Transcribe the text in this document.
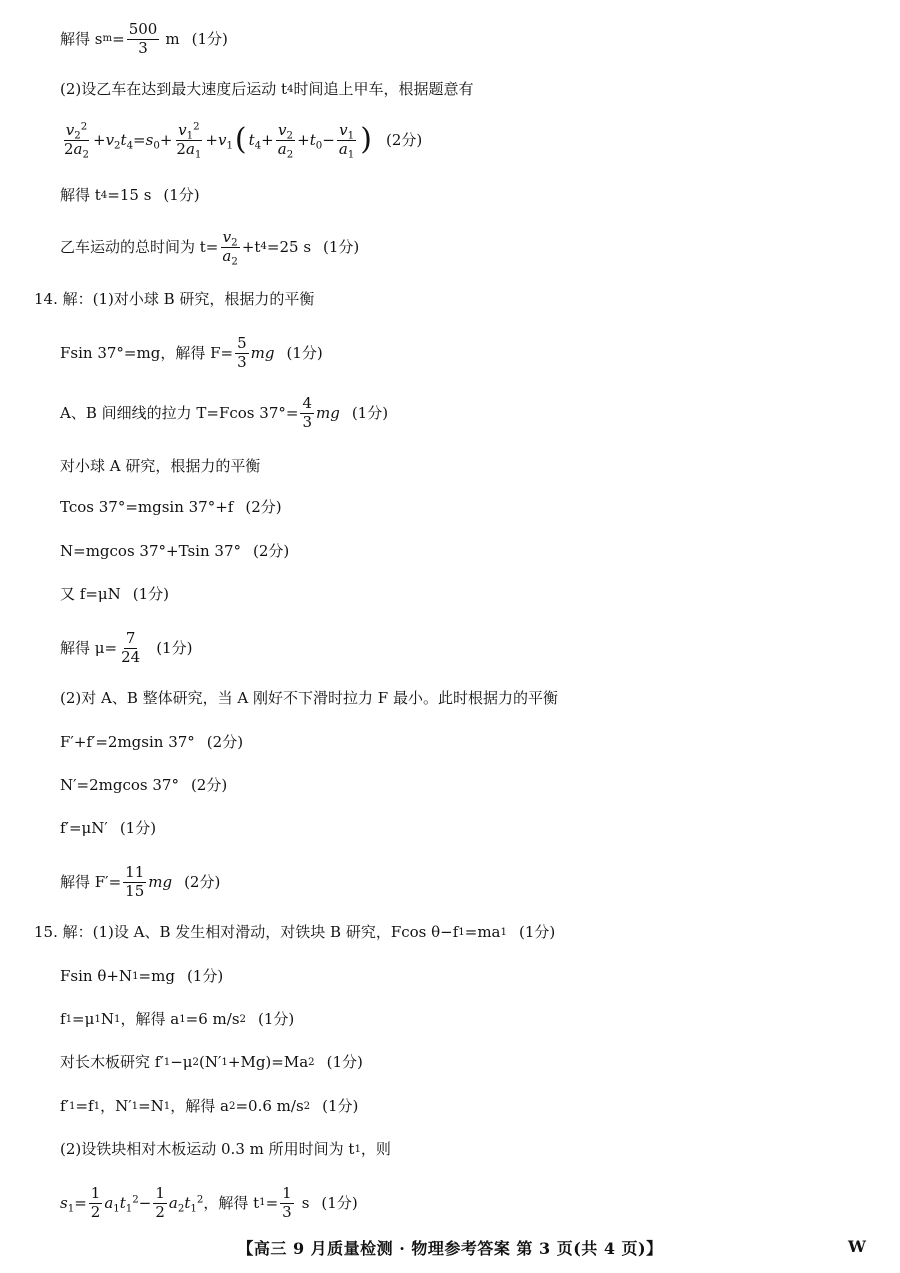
解得 s $m = \frac{500}{3}$ m (1分)
(2)设乙车在达到最大速度后运动 t 4 时间追上甲车，根据题意有
$\frac{v_2^2}{2a_2} +v_2t_4=s_0+ \frac{v_1^2}{2a_1} +v_1$ ( $t_4+ \frac{v_2}{a_2} +t_0- \frac{v_1}{a_1}$ ) (2分)
解得 t 4 =15 s (1分)
乙车运动的总时间为 $t= \frac{v_2}{a_2} +t$ 4 =25 s (1分)
14. 解：(1)对小球 B 研究，根据力的平衡
Fsin 37°=mg，解得 $F= \frac{5}{3}$ mg (1分)
A、B 间细线的拉力 T=Fcos $37^\circ= \frac{4}{3}$ mg (1分)
对小球 A 研究，根据力的平衡
Tcos 37°=mgsin 37°+f (2分)
N=mgcos 37°+Tsin 37° (2分)
又 f=μN (1分)
解得 $\mu= \frac{7}{24} (1$分)
(2)对 A、B 整体研究，当 A 刚好不下滑时拉力 F 最小。此时根据力的平衡
F′+f′=2mgsin 37° (2分)
N′=2mgcos 37° (2分)
f′=μN′ (1分)
解得 $F'= \frac{11}{15}$ mg (2分)
15. 解：(1)设 A、B 发生相对滑动，对铁块 B 研究，Fcos θ−f 1 =ma 1 (1分)
Fsin θ+N 1 =mg (1分)
f 1 =μ 1 N 1 ，解得 a 1 =6 m/s 2 (1分)
对长木板研究 f′ 1 −μ 2 (N′ 1 +Mg)=Ma 2 (1分)
f′ 1 =f 1 ，N′ 1 =N 1 ，解得 a 2 =0.6 m/s 2 (1分)
(2)设铁块相对木板运动 0.3 m 所用时间为 t 1 ，则
$s_1= \frac{1}{2} a_1t_1^2- \frac{1}{2} a_2t_1^2$ ，解得 t $1 = \frac{1}{3}$ s (1分)
【高三 9 月质量检测 · 物理参考答案 第 3 页(共 4 页)】	W
